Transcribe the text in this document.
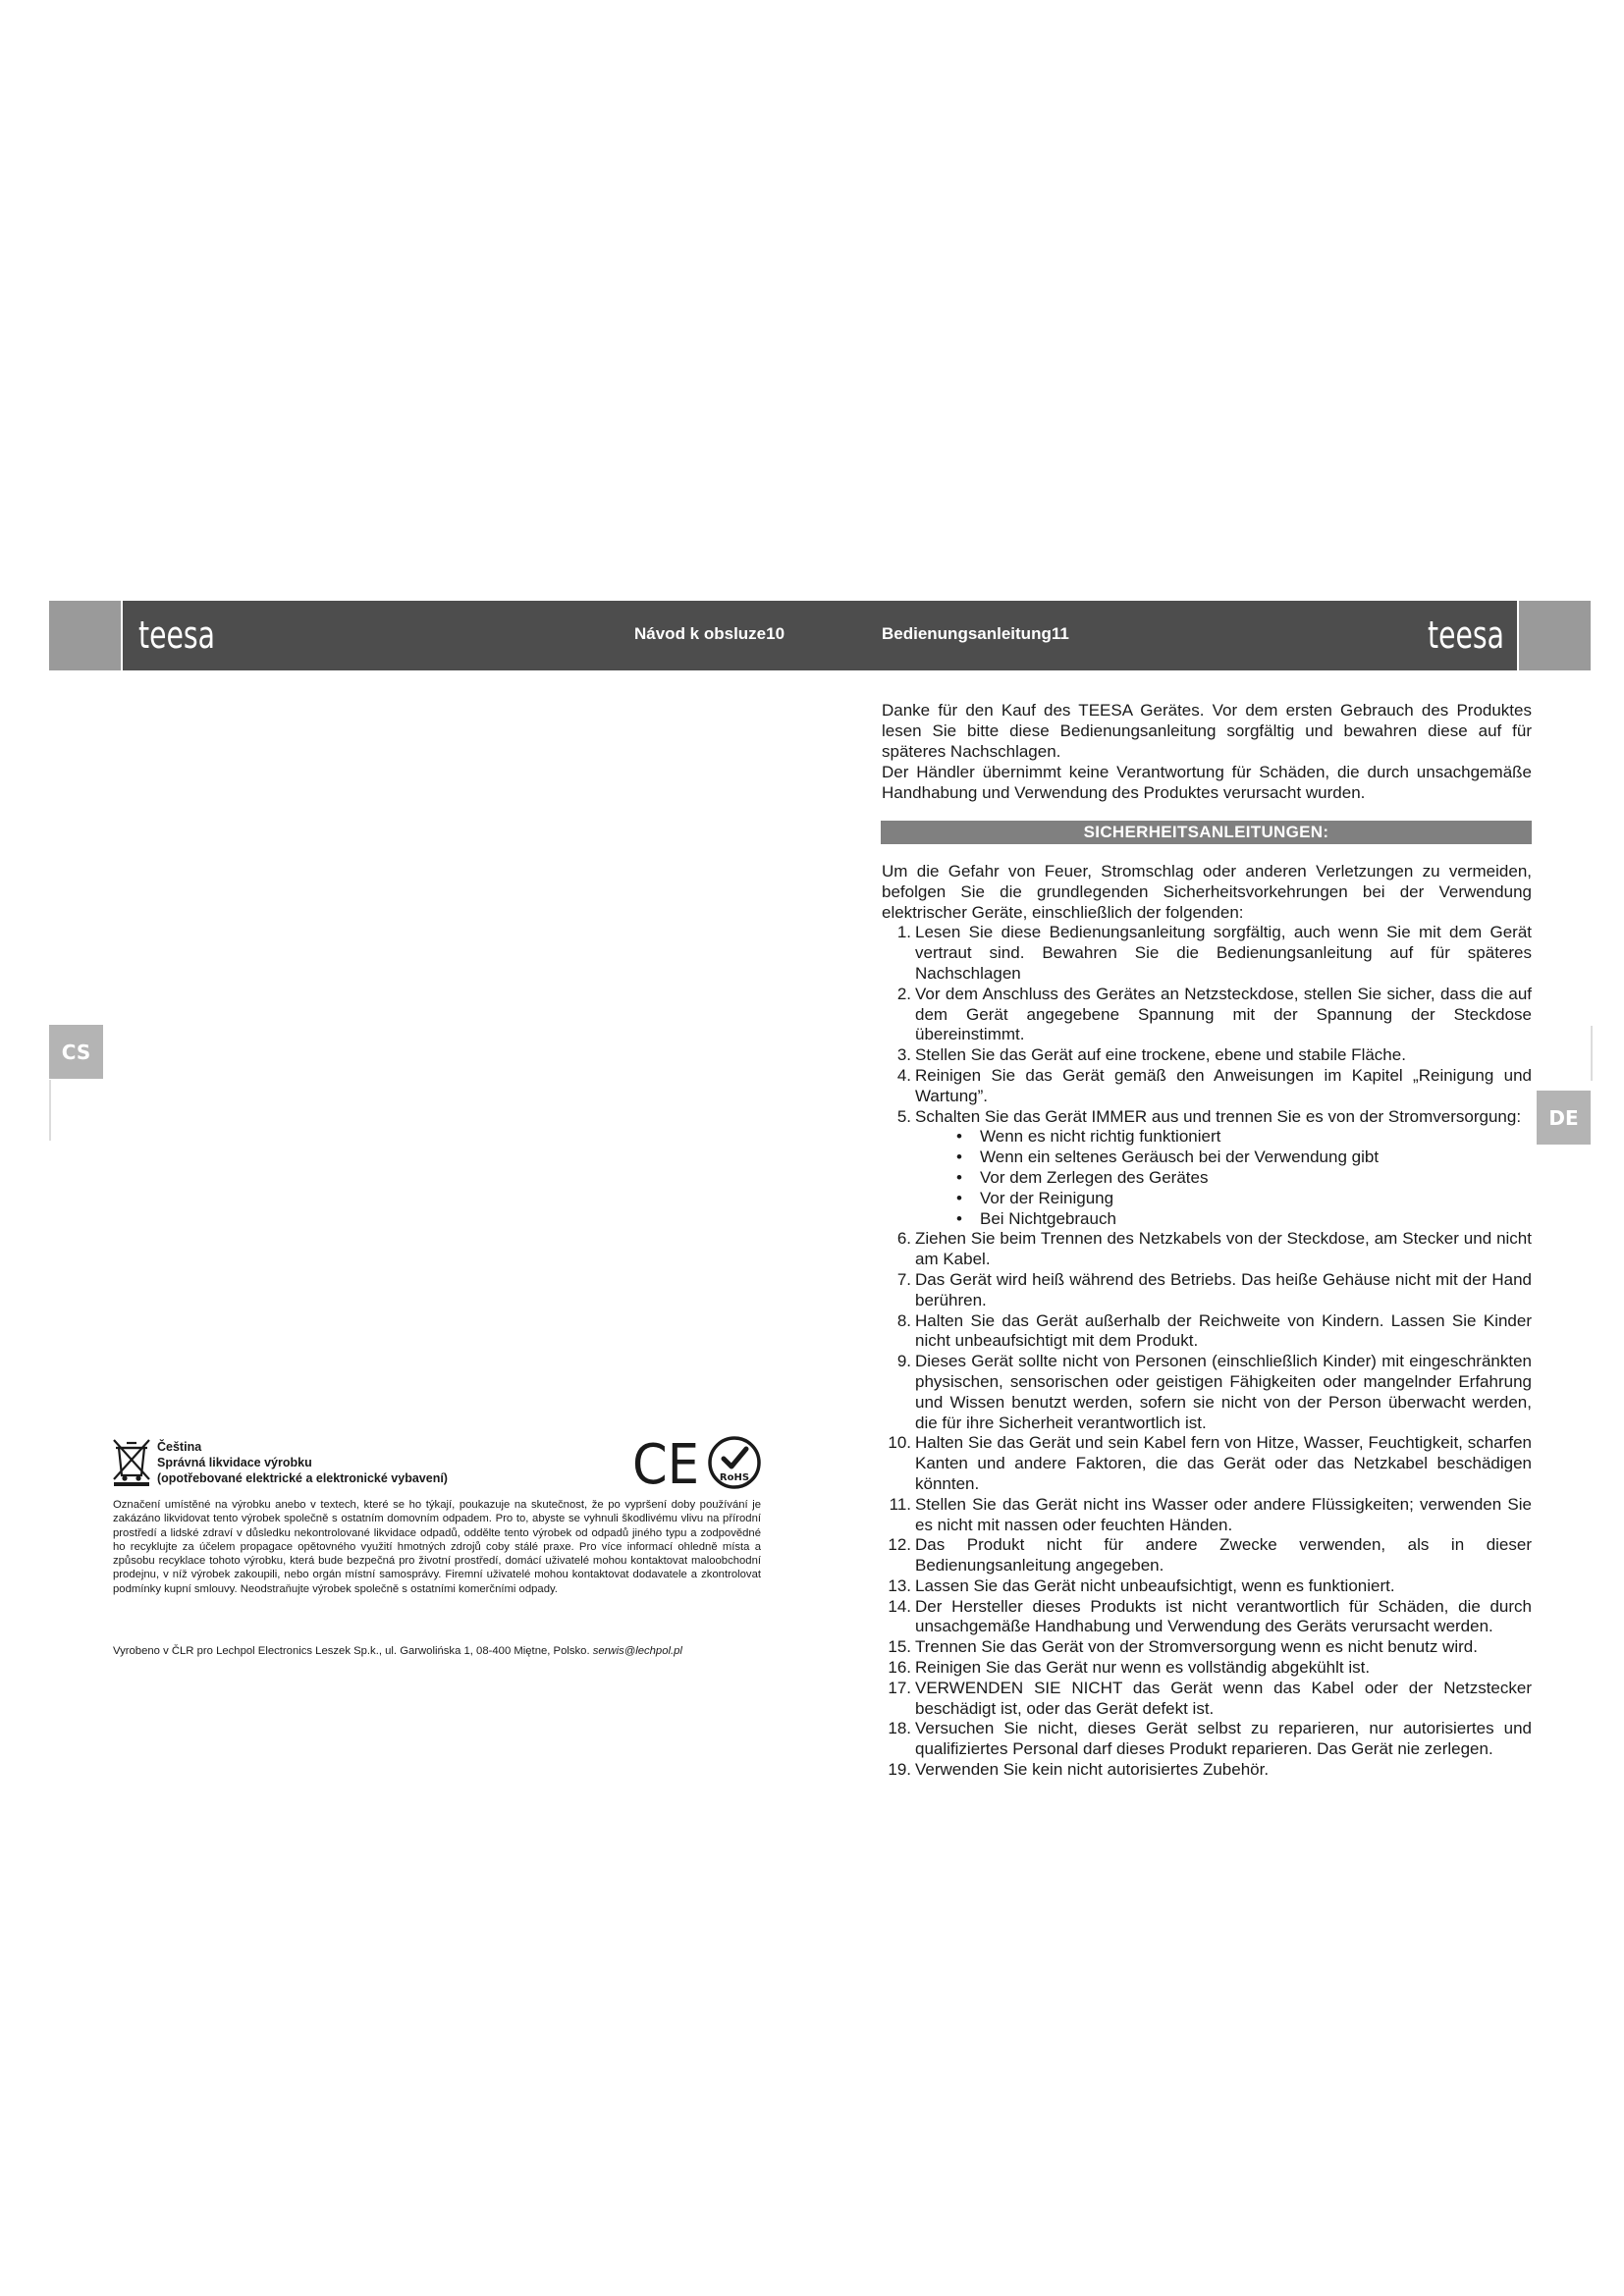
teesa	teesa
Návod k obsluze10	Bedienungsanleitung11
CS
DE

Danke für den Kauf des TEESA Gerätes. Vor dem ersten Gebrauch des Produktes lesen Sie bitte diese Bedienungsanleitung sorgfältig und bewahren diese auf für späteres Nachschlagen.

Der Händler übernimmt keine Verantwortung für Schäden, die durch unsachgemäße Handhabung und Verwendung des Produktes verursacht wurden.

SICHERHEITSANLEITUNGEN:

Um die Gefahr von Feuer, Stromschlag oder anderen Verletzungen zu vermeiden, befolgen Sie die grundlegenden Sicherheitsvorkehrungen bei der Verwendung elektrischer Geräte, einschließlich der folgenden:

1. Lesen Sie diese Bedienungsanleitung sorgfältig, auch wenn Sie mit dem Gerät vertraut sind. Bewahren Sie die Bedienungsanleitung auf für späteres Nachschlagen
2. Vor dem Anschluss des Gerätes an Netzsteckdose, stellen Sie sicher, dass die auf dem Gerät angegebene Spannung mit der Spannung der Steckdose übereinstimmt.
3. Stellen Sie das Gerät auf eine trockene, ebene und stabile Fläche.
4. Reinigen Sie das Gerät gemäß den Anweisungen im Kapitel „Reinigung und Wartung”.
5. Schalten Sie das Gerät IMMER aus und trennen Sie es von der Stromversorgung:
• Wenn es nicht richtig funktioniert
• Wenn ein seltenes Geräusch bei der Verwendung gibt
• Vor dem Zerlegen des Gerätes
• Vor der Reinigung
• Bei Nichtgebrauch
6. Ziehen Sie beim Trennen des Netzkabels von der Steckdose, am Stecker und nicht am Kabel.
7. Das Gerät wird heiß während des Betriebs. Das heiße Gehäuse nicht mit der Hand berühren.
8. Halten Sie das Gerät außerhalb der Reichweite von Kindern. Lassen Sie Kinder nicht unbeaufsichtigt mit dem Produkt.
9. Dieses Gerät sollte nicht von Personen (einschließlich Kinder) mit eingeschränkten physischen, sensorischen oder geistigen Fähigkeiten oder mangelnder Erfahrung und Wissen benutzt werden, sofern sie nicht von der Person überwacht werden, die für ihre Sicherheit verantwortlich ist.
10. Halten Sie das Gerät und sein Kabel fern von Hitze, Wasser, Feuchtigkeit, scharfen Kanten und andere Faktoren, die das Gerät oder das Netzkabel beschädigen könnten.
11. Stellen Sie das Gerät nicht ins Wasser oder andere Flüssigkeiten; verwenden Sie es nicht mit nassen oder feuchten Händen.
12. Das Produkt nicht für andere Zwecke verwenden, als in dieser Bedienungsanleitung angegeben.
13. Lassen Sie das Gerät nicht unbeaufsichtigt, wenn es funktioniert.
14. Der Hersteller dieses Produkts ist nicht verantwortlich für Schäden, die durch unsachgemäße Handhabung und Verwendung des Geräts verursacht werden.
15. Trennen Sie das Gerät von der Stromversorgung wenn es nicht benutz wird.
16. Reinigen Sie das Gerät nur wenn es vollständig abgekühlt ist.
17. VERWENDEN SIE NICHT das Gerät wenn das Kabel oder der Netzstecker beschädigt ist, oder das Gerät defekt ist.
18. Versuchen Sie nicht, dieses Gerät selbst zu reparieren, nur autorisiertes und qualifiziertes Personal darf dieses Produkt reparieren. Das Gerät nie zerlegen.
19. Verwenden Sie kein nicht autorisiertes Zubehör.
Čeština
Správná likvidace výrobku
(opotřebované elektrické a elektronické vybavení)	CE RoHS
Označení umístěné na výrobku anebo v textech, které se ho týkají, poukazuje na skutečnost, že po vypršení doby používání je zakázáno likvidovat tento výrobek společně s ostatním domovním odpadem. Pro to, abyste se vyhnuli škodlivému vlivu na přírodní prostředí a lidské zdraví v důsledku nekontrolované likvidace odpadů, oddělte tento výrobek od odpadů jiného typu a zodpovědné ho recyklujte za účelem propagace opětovného využití hmotných zdrojů coby stálé praxe. Pro více informací ohledně místa a způsobu recyklace tohoto výrobku, která bude bezpečná pro životní prostředí, domácí uživatelé mohou kontaktovat maloobchodní prodejnu, v níž výrobek zakoupili, nebo orgán místní samosprávy. Firemní uživatelé mohou kontaktovat dodavatele a zkontrolovat podmínky kupní smlouvy. Neodstraňujte výrobek společně s ostatními komerčními odpady.
Vyrobeno v ČLR pro Lechpol Electronics Leszek Sp.k., ul. Garwolińska 1, 08-400 Miętne, Polsko. serwis@lechpol.pl
